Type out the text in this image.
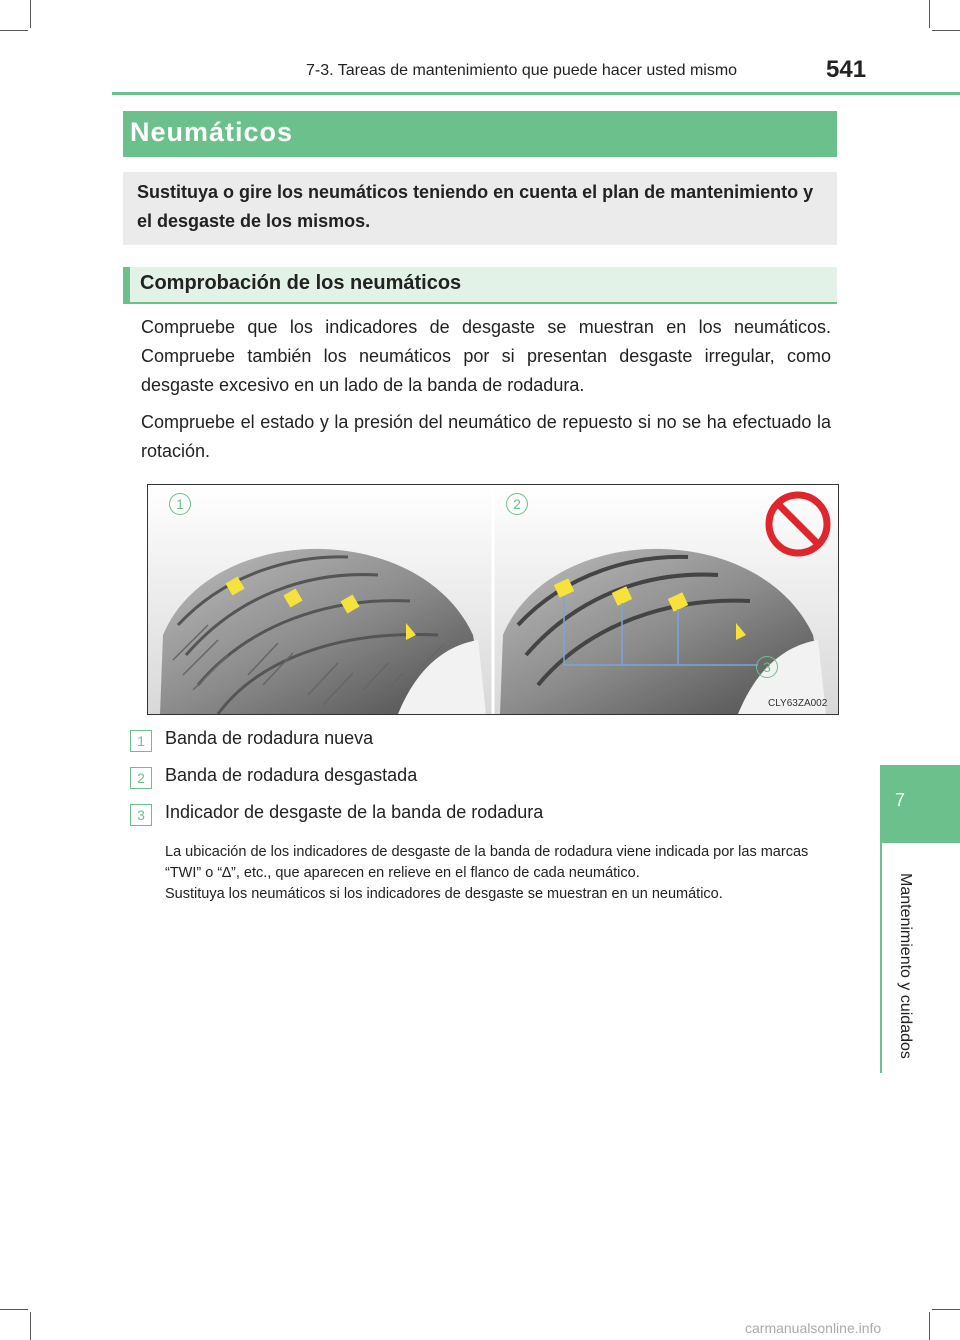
7-3. Tareas de mantenimiento que puede hacer usted mismo	541
Neumáticos
Sustituya o gire los neumáticos teniendo en cuenta el plan de mantenimiento y el desgaste de los mismos.
Comprobación de los neumáticos
Compruebe que los indicadores de desgaste se muestran en los neumáticos. Compruebe también los neumáticos por si presentan desgaste irregular, como desgaste excesivo en un lado de la banda de rodadura.
Compruebe el estado y la presión del neumático de repuesto si no se ha efectuado la rotación.
1	2
3
CLY63ZA002
1	Banda de rodadura nueva
2	Banda de rodadura desgastada
3	Indicador de desgaste de la banda de rodadura

La ubicación de los indicadores de desgaste de la banda de rodadura viene indicada por las marcas “TWI” o “∆”, etc., que aparecen en relieve en el flanco de cada neumático.

Sustituya los neumáticos si los indicadores de desgaste se muestran en un neumático.

7
Mantenimiento y cuidados
carmanualsonline.info
